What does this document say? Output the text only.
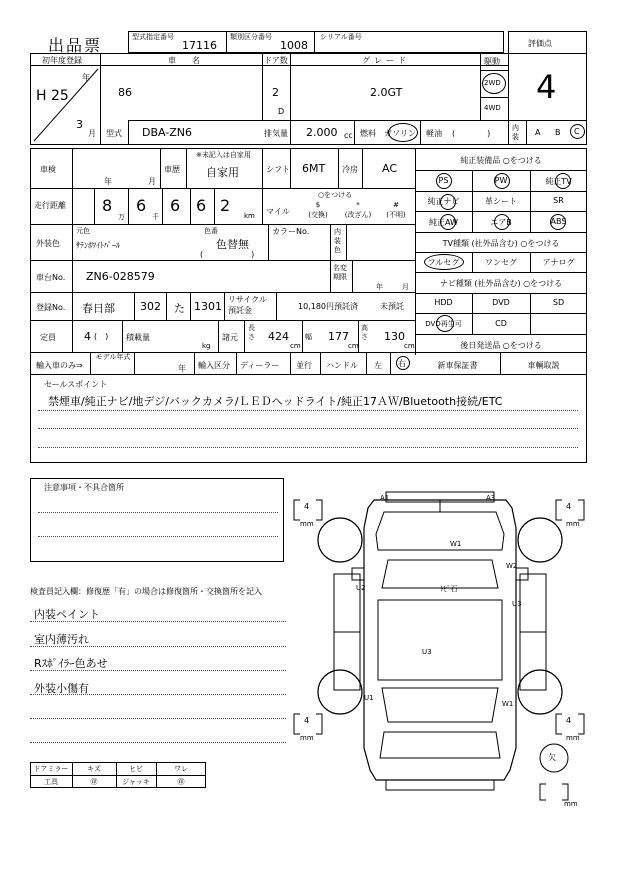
出品票	型式指定番号
17116
類別区分番号
1008
シリアル番号
評価点
4
初年度登録
H 25
年
3
月
車　名
86
ドア数
2
D
グレード
2.0GT
駆動
2WD
4WD
型式 DBA-ZN6	排気量 2.000 cc 燃料 ガソリン 軽油 (　　　　)
内装	A B C
車検
年	月
車歴
※未記入は自家用
自家用	シフト 6MT 冷房 AC
走行距離 8
万
6
千
6 6 2
km
○をつける
マイル
$
(交換)
*
(改ざん)
#
(不明)
外装色
元色
ｻﾃﾝﾎﾜｲﾄﾊﾟｰﾙ
色番
色替無
(　　　　　　)
カラーNo.	内装色
車台No. ZN6-028579
名変期限
年	月
登録No. 春日部 302 た 1301
リサイクル預託金	10,180円預託済	未預託
定員	4 (　) 積載量
kg
諸元
長さ 424
cm
幅 177
cm
高さ 130
cm
輸入車のみ⇒
モデル年式
年 輸入区分 ディーラー 並行 ハンドル 左 右
純正装備品 ○をつける
PS	PW	純正TV
純正ナビ	革シート	SR
純正AW	エアB	ABS
TV種類 (社外品含む) ○をつける
フルセグ	ワンセグ	アナログ
ナビ種類 (社外品含む) ○をつける
HDD	DVD	SD
DVD再生可	CD
後日発送品 ○をつける
新車保証書	車輌取説
セールスポイント
禁煙車/純正ナビ/地デジ/バックカメラ/ＬＥＤヘッドライト/純正17ＡＷ/Bluetooth接続/ETC
注意事項・不具合箇所
検査員記入欄：修復歴「有」の場合は修復箇所・交換箇所を記入
内装ペイント
室内薄汚れ
Rｽﾎﾟｲﾗｰ色あせ
外装小傷有
ドアミラー	キズ	ヒビ	ワレ
工具	㊞	ジャッキ	㊞
4
mm
4
mm
4
mm
4
mm
欠
mm
A1	A3
W1
W2
U2	ﾄﾋﾞ石
U3
U3
U1
W1
